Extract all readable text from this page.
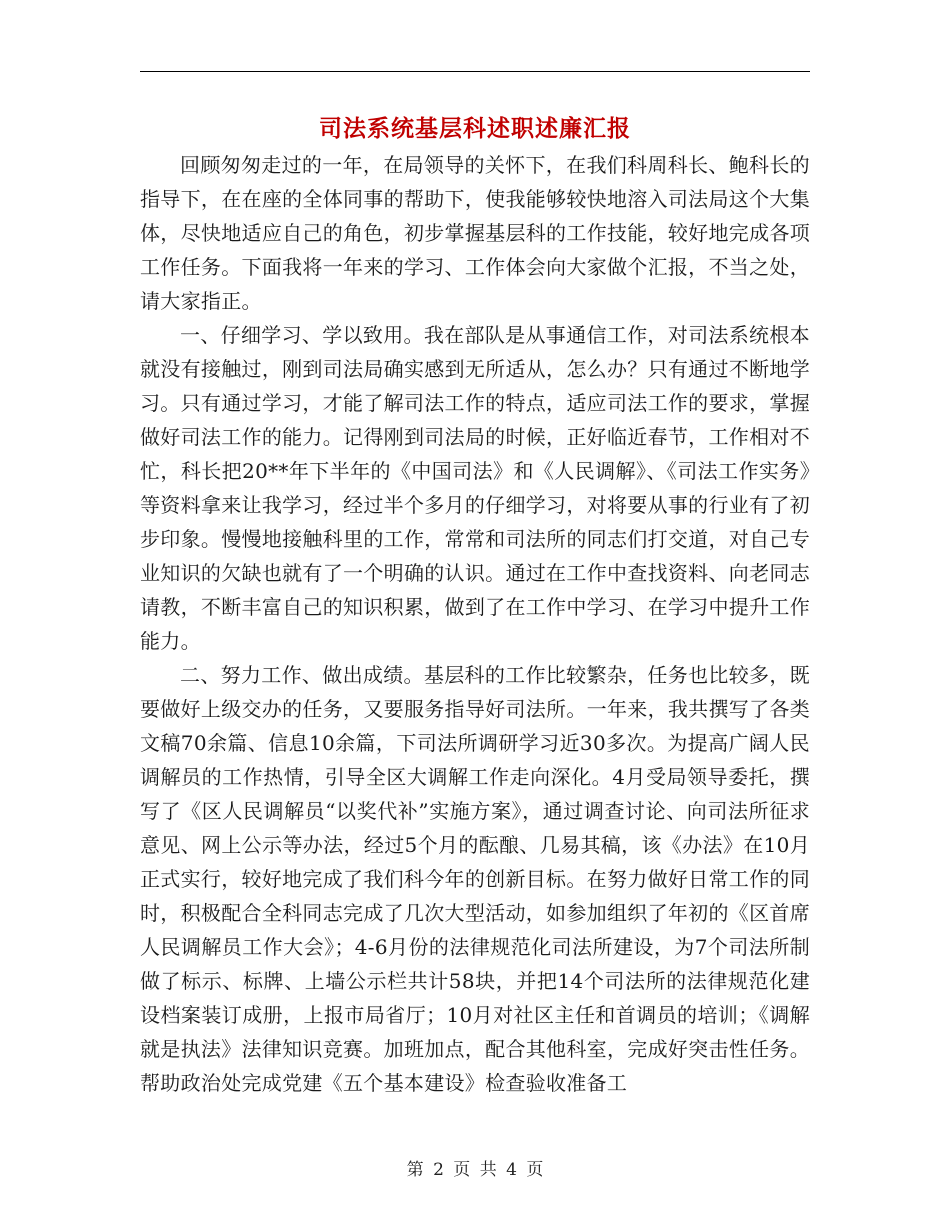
司法系统基层科述职述廉汇报

回顾匆匆走过的一年，在局领导的关怀下，在我们科周科长、鲍科长的指导下，在在座的全体同事的帮助下，使我能够较快地溶入司法局这个大集体，尽快地适应自己的角色，初步掌握基层科的工作技能，较好地完成各项工作任务。下面我将一年来的学习、工作体会向大家做个汇报，不当之处，请大家指正。

一、仔细学习、学以致用。我在部队是从事通信工作，对司法系统根本就没有接触过，刚到司法局确实感到无所适从，怎么办？只有通过不断地学习。只有通过学习，才能了解司法工作的特点，适应司法工作的要求，掌握做好司法工作的能力。记得刚到司法局的时候，正好临近春节，工作相对不忙，科长把20**年下半年的《中国司法》和《人民调解》、《司法工作实务》等资料拿来让我学习，经过半个多月的仔细学习，对将要从事的行业有了初步印象。慢慢地接触科里的工作，常常和司法所的同志们打交道，对自己专业知识的欠缺也就有了一个明确的认识。通过在工作中查找资料、向老同志请教，不断丰富自己的知识积累，做到了在工作中学习、在学习中提升工作能力。

二、努力工作、做出成绩。基层科的工作比较繁杂，任务也比较多，既要做好上级交办的任务，又要服务指导好司法所。一年来，我共撰写了各类文稿70余篇、信息10余篇，下司法所调研学习近30多次。为提高广阔人民调解员的工作热情，引导全区大调解工作走向深化。4月受局领导委托，撰写了《区人民调解员“以奖代补”实施方案》，通过调查讨论、向司法所征求意见、网上公示等办法，经过5个月的酝酿、几易其稿，该《办法》在10月正式实行，较好地完成了我们科今年的创新目标。在努力做好日常工作的同时，积极配合全科同志完成了几次大型活动，如参加组织了年初的《区首席人民调解员工作大会》；4-6月份的法律规范化司法所建设，为7个司法所制做了标示、标牌、上墙公示栏共计58块，并把14个司法所的法律规范化建设档案装订成册，上报市局省厅；10月对社区主任和首调员的培训；《调解就是执法》法律知识竞赛。加班加点，配合其他科室，完成好突击性任务。帮助政治处完成党建《五个基本建设》检查验收准备工

第 2 页 共 4 页
